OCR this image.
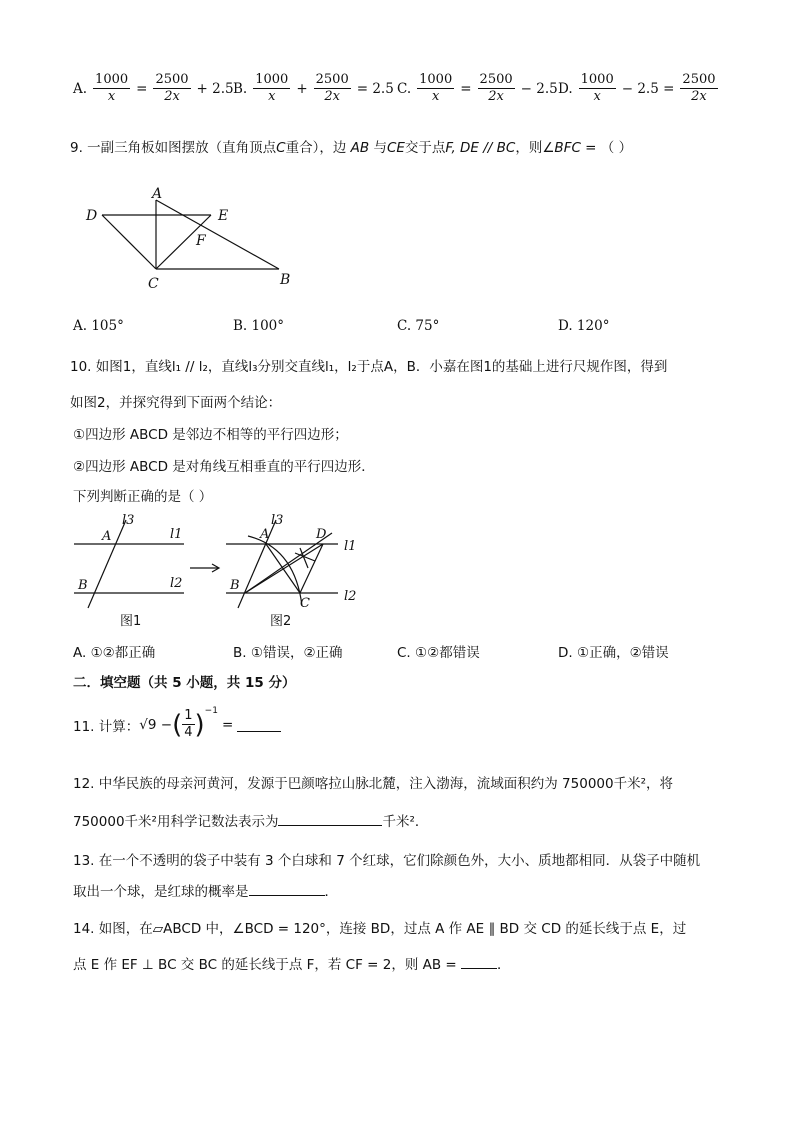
A. $\frac{1000}{x} = \frac{2500}{2x} + 2.5$ B. $\frac{1000}{x} + \frac{2500}{2x} = 2.5$ C. $\frac{1000}{x} = \frac{2500}{2x} - 2.5$ D. $\frac{1000}{x} - 2.5 = \frac{2500}{2x}$
9. 一副三角板如图摆放（直角顶点C重合），边 AB 与CE交于点F, DE // BC，则∠BFC = （ ）
A
D	E
F
C	B
A. 105°	B. 100°	C. 75°	D. 120°
10. 如图1，直线l₁ // l₂，直线l₃分别交直线l₁，l₂于点A，B．小嘉在图1的基础上进行尺规作图，得到
如图2，并探究得到下面两个结论：
①四边形 ABCD 是邻边不相等的平行四边形；
②四边形 ABCD 是对角线互相垂直的平行四边形．
下列判断正确的是（ ）
l3
l1
l2
A
B
l3
l1
l2
A
B
C
D
图1	图2
A. ①②都正确	B. ①错误，②正确	C. ①②都错误	D. ①正确，②错误
二．填空题（共 5 小题，共 15 分）
11. 计算： √9 − ( $\frac{1}{4} )^{-1}$
=
12. 中华民族的母亲河黄河，发源于巴颜喀拉山脉北麓，注入渤海，流域面积约为 750000千米²，将
750000千米²用科学记数法表示为	千米²．
13. 在一个不透明的袋子中装有 3 个白球和 7 个红球，它们除颜色外，大小、质地都相同．从袋子中随机
取出一个球，是红球的概率是	．
14. 如图，在▱ABCD 中，∠BCD = 120°，连接 BD，过点 A 作 AE ∥ BD 交 CD 的延长线于点 E，过
点 E 作 EF ⊥ BC 交 BC 的延长线于点 F，若 CF = 2，则 AB =	．
